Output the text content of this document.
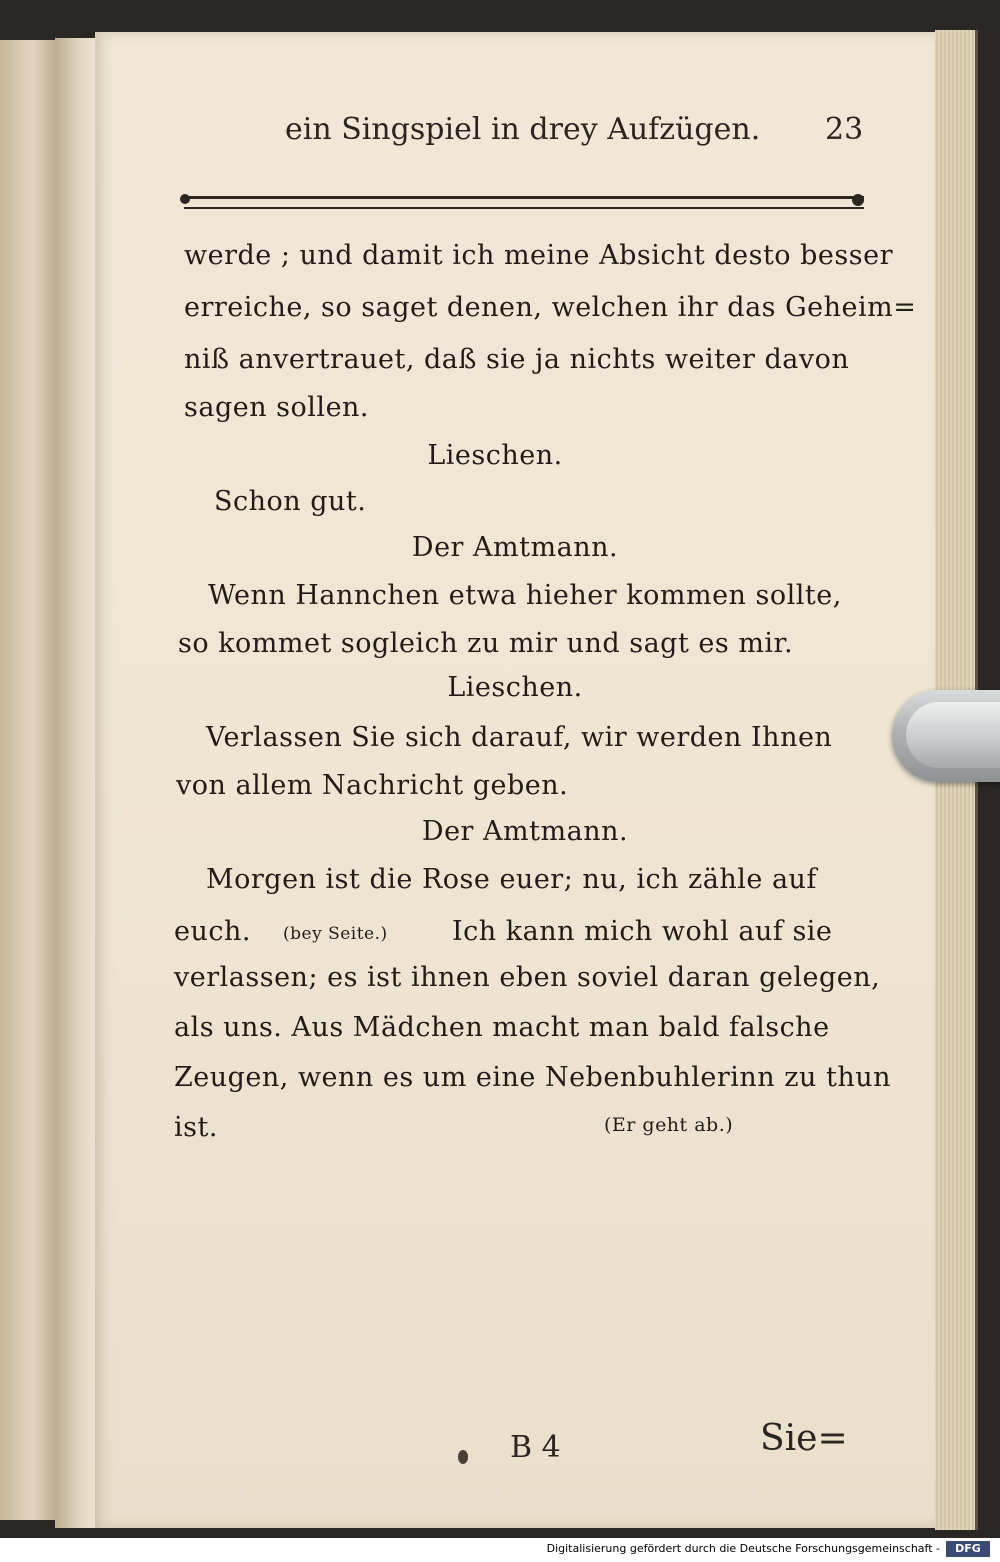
ein Singspiel in drey Aufzügen.	23
werde ; und damit ich meine Absicht desto besser
erreiche, so saget denen, welchen ihr das Geheim=
niß anvertrauet, daß sie ja nichts weiter davon
sagen sollen.
Lieschen.
Schon gut.
Der Amtmann.
Wenn Hannchen etwa hieher kommen sollte,
so kommet sogleich zu mir und sagt es mir.
Lieschen.
Verlassen Sie sich darauf, wir werden Ihnen
von allem Nachricht geben.
Der Amtmann.
Morgen ist die Rose euer; nu, ich zähle auf
euch. (bey Seite.) Ich kann mich wohl auf sie
verlassen; es ist ihnen eben soviel daran gelegen,
als uns. Aus Mädchen macht man bald falsche
Zeugen, wenn es um eine Nebenbuhlerinn zu thun
ist.	(Er geht ab.)
B 4	Sie=
Digitalisierung gefördert durch die Deutsche Forschungsgemeinschaft -	DFG
